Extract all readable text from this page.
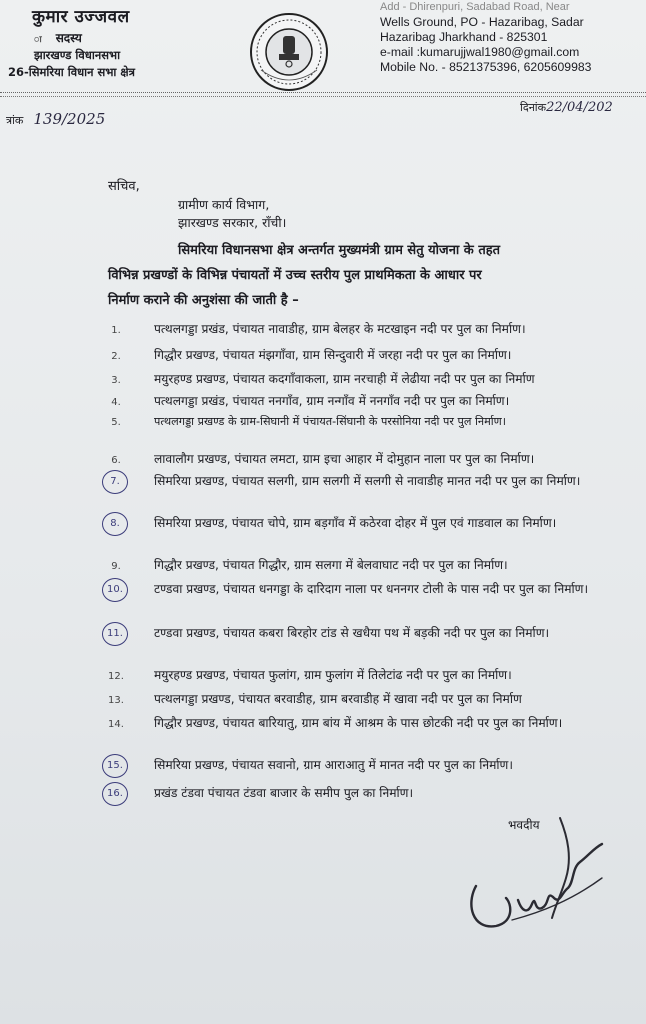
कुमार उज्जवल
ा सदस्य
झारखण्ड विधानसभा
26-सिमरिया विधान सभा क्षेत्र
Add - Dhirenpuri, Sadabad Road, Near
Wells Ground, PO - Hazaribag, Sadar
Hazaribag Jharkhand - 825301
e-mail :kumarujjwal1980@gmail.com
Mobile No. - 8521375396, 6205609983
त्रांक 139/2025
दिनांक22/04/202
सचिव,
ग्रामीण कार्य विभाग,
झारखण्ड सरकार, राँची।
सिमरिया विधानसभा क्षेत्र अन्तर्गत मुख्यमंत्री ग्राम सेतु योजना के तहत
विभिन्न प्रखण्डों के विभिन्न पंचायतों में उच्च स्तरीय पुल प्राथमिकता के आधार पर
निर्माण कराने की अनुशंसा की जाती है –
1.	पत्थलगड्डा प्रखंड, पंचायत नावाडीह, ग्राम बेलहर के मटखाइन नदी पर पुल का निर्माण।
2.	गिद्धौर प्रखण्ड, पंचायत मंझगाँवा, ग्राम सिन्दुवारी में जरहा नदी पर पुल का निर्माण।
3.	मयुरहण्ड प्रखण्ड, पंचायत कदगाँवाकला, ग्राम नरचाही में लेढीया नदी पर पुल का निर्माण
4.	पत्थलगड्डा प्रखंड, पंचायत ननगाँव, ग्राम नन्गाँव में ननगाँव नदी पर पुल का निर्माण।
5.	पत्थलगड्डा प्रखण्ड के ग्राम-सिघानी में पंचायत-सिंघानी के परसोनिया नदी पर पुल निर्माण।
6.	लावालौग प्रखण्ड, पंचायत लमटा, ग्राम इचा आहार में दोमुहान नाला पर पुल का निर्माण।
7.	सिमरिया प्रखण्ड, पंचायत सलगी, ग्राम सलगी में सलगी से नावाडीह मानत नदी पर पुल का निर्माण।
8.	सिमरिया प्रखण्ड, पंचायत चोपे, ग्राम बड़गाँव में कठेरवा दोहर में पुल एवं गाडवाल का निर्माण।
9.	गिद्धौर प्रखण्ड, पंचायत गिद्धौर, ग्राम सलगा में बेलवाघाट नदी पर पुल का निर्माण।
10.	टण्डवा प्रखण्ड, पंचायत धनगड्डा के दारिदाग नाला पर धननगर टोली के पास नदी पर पुल का निर्माण।
11.	टण्डवा प्रखण्ड, पंचायत कबरा बिरहोर टांड से खधैया पथ में बड़की नदी पर पुल का निर्माण।
12. मयुरहण्ड प्रखण्ड, पंचायत फुलांग, ग्राम फुलांग में तिलेटांढ नदी पर पुल का निर्माण।
13. पत्थलगड्डा प्रखण्ड, पंचायत बरवाडीह, ग्राम बरवाडीह में खावा नदी पर पुल का निर्माण
14. गिद्धौर प्रखण्ड, पंचायत बारियातु, ग्राम बांय में आश्रम के पास छोटकी नदी पर पुल का निर्माण।
15.	सिमरिया प्रखण्ड, पंचायत सवानो, ग्राम आराआतु में मानत नदी पर पुल का निर्माण।
16.	प्रखंड टंडवा पंचायत टंडवा बाजार के समीप पुल का निर्माण।
भवदीय
